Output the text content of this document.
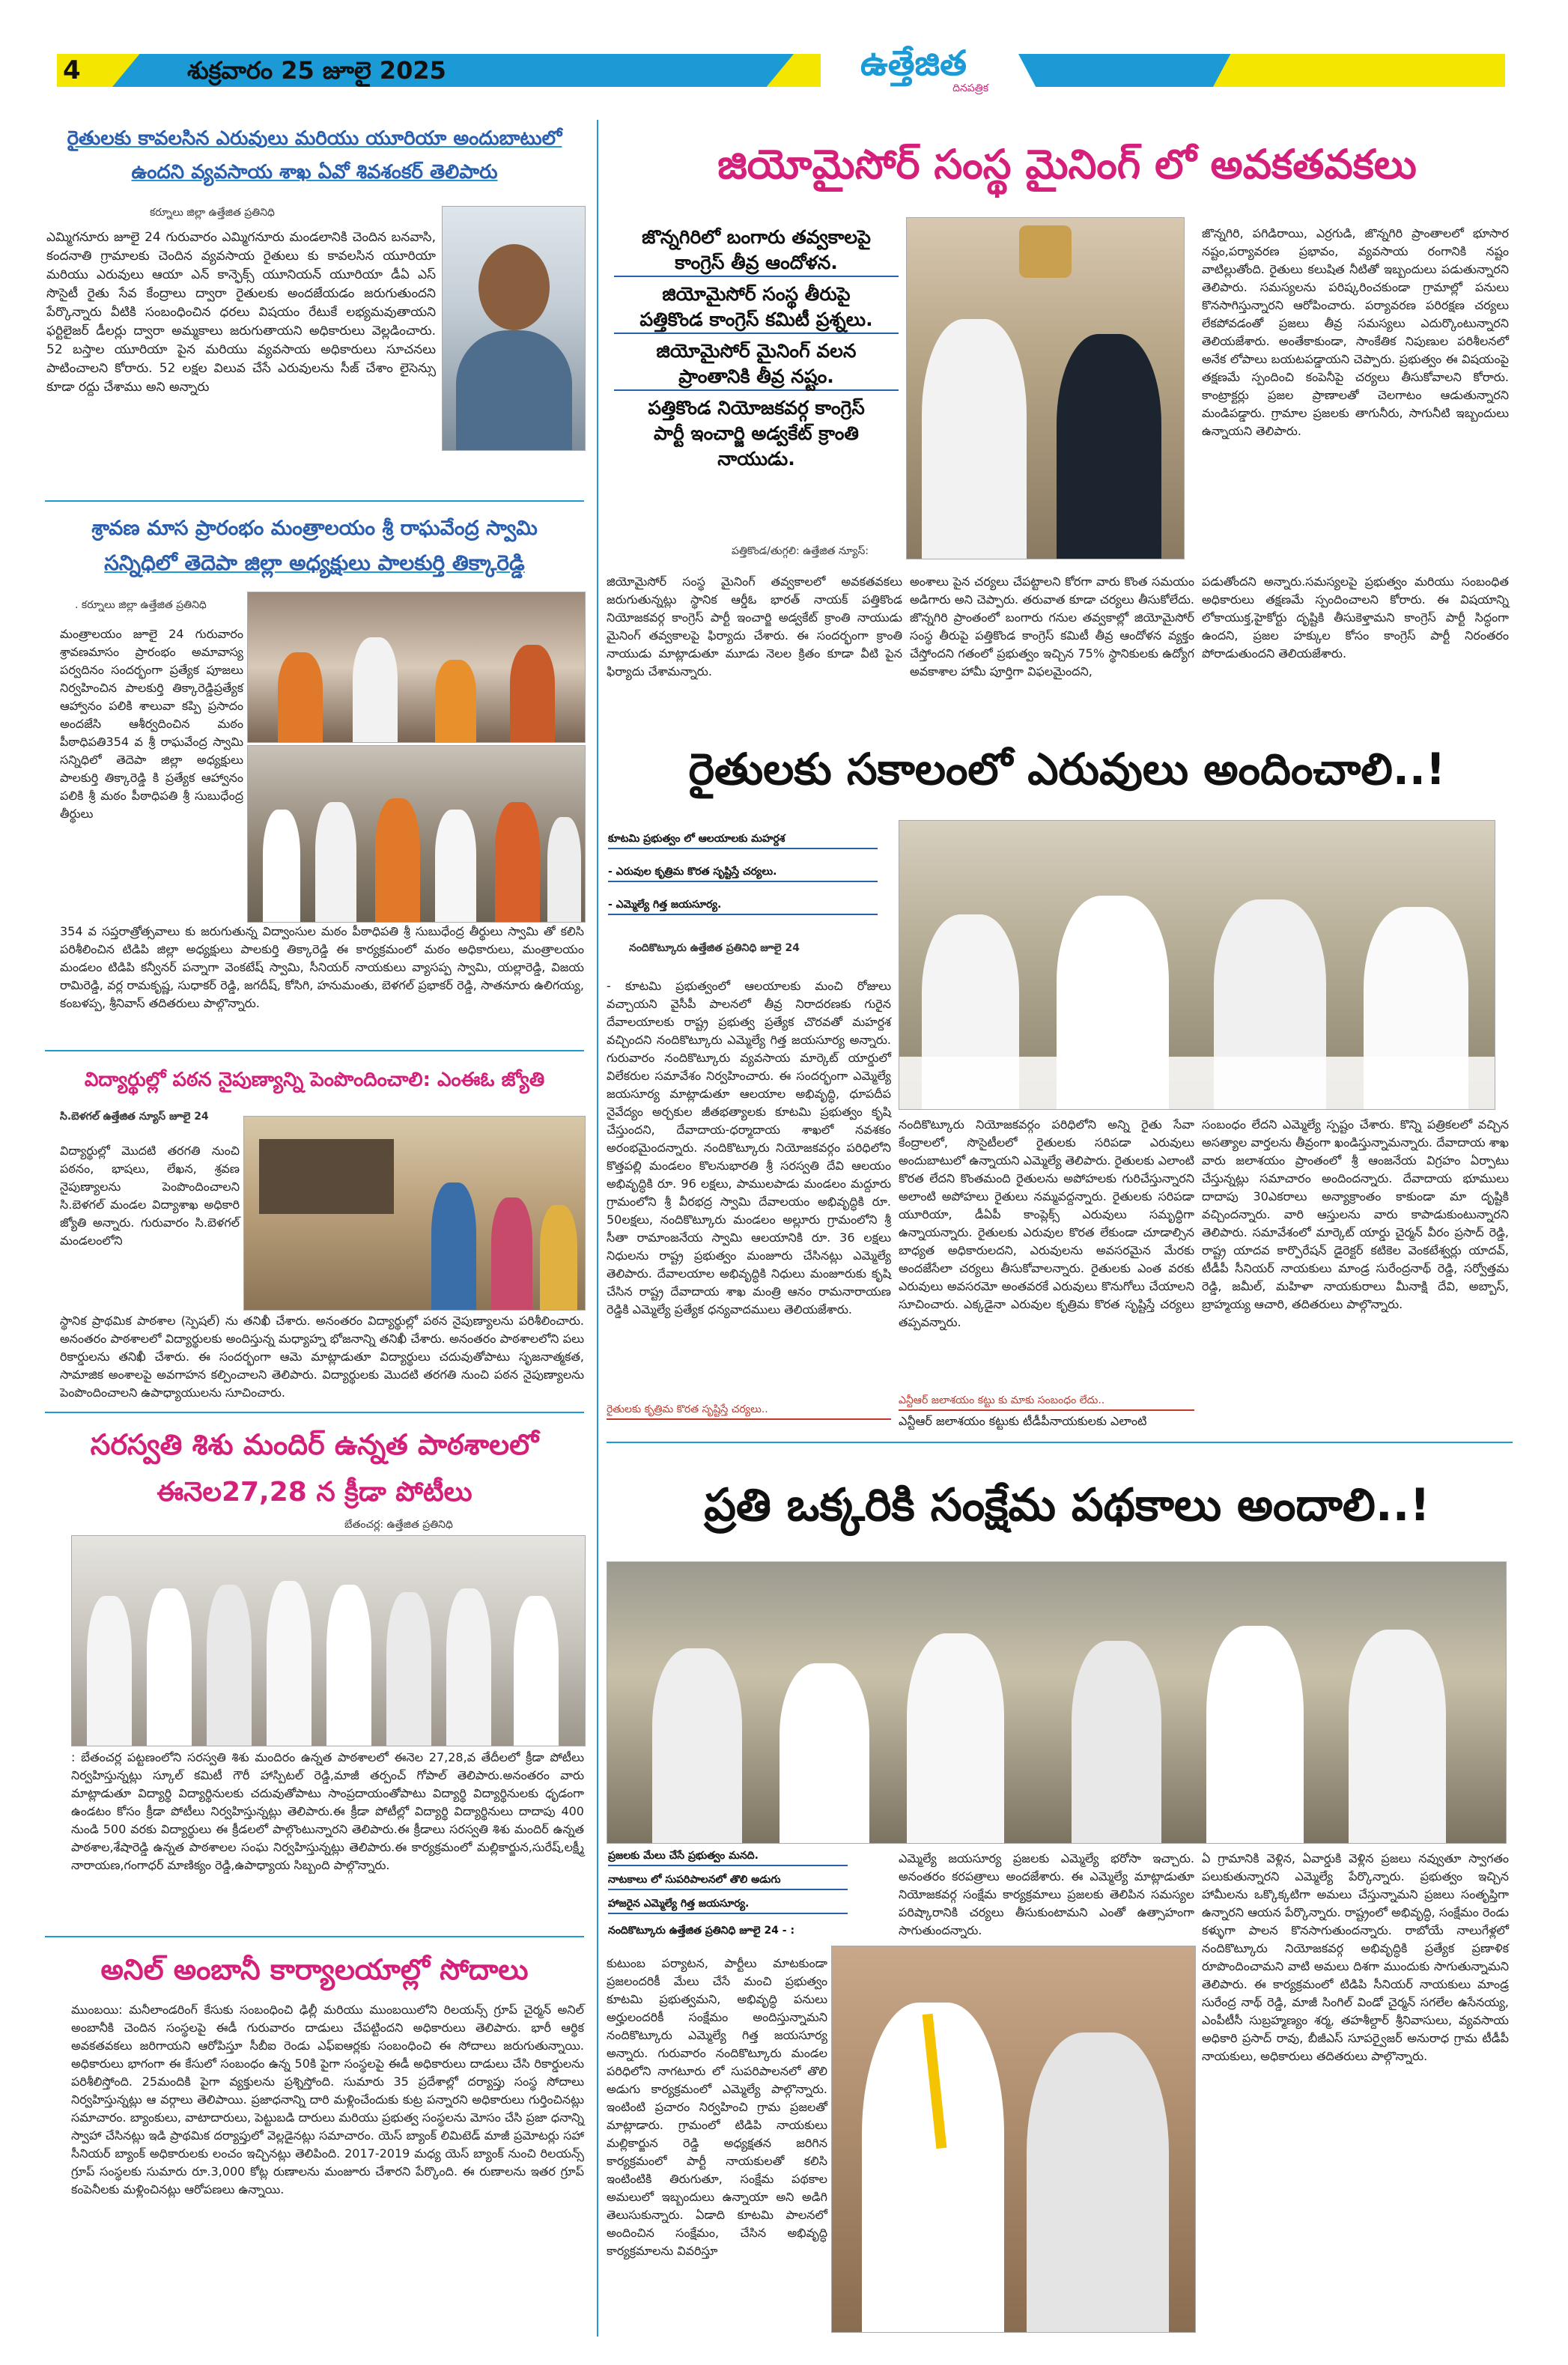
4	శుక్రవారం 25 జూలై 2025	ఉత్తేజిత
దినపత్రిక
రైతులకు కావలసిన ఎరువులు మరియు యూరియా అందుబాటులో
ఉందని వ్యవసాయ శాఖ ఏవో శివశంకర్ తెలిపారు
కర్నూలు జిల్లా ఉత్తేజిత ప్రతినిధి
ఎమ్మిగనూరు జూలై 24 గురువారం ఎమ్మిగనూరు మండలానికి చెందిన బనవాసి, కందనాతి గ్రామాలకు చెందిన వ్యవసాయ రైతులు కు కావలసిన యూరియా మరియు ఎరువులు ఆయా ఎన్ కాన్ఫెక్స్ యూనియన్ యూరియా డీఏ ఎస్ సొసైటీ రైతు సేవ కేంద్రాలు ద్వారా రైతులకు అందజేయడం జరుగుతుందని పేర్కొన్నారు వీటికి సంబంధించిన ధరలు విషయం రేటుకే లభ్యమవుతాయని ఫర్టిలైజర్ డీలర్లు ద్వారా అమ్మకాలు జరుగుతాయని అధికారులు వెల్లడించారు. 52 బస్తాల యూరియా పైన మరియు వ్యవసాయ అధికారులు సూచనలు పాటించాలని కోరారు. 52 లక్షల విలువ చేసే ఎరువులను సీజ్ చేశాం లైసెన్సు కూడా రద్దు చేశాము అని అన్నారు
శ్రావణ మాస ప్రారంభం మంత్రాలయం శ్రీ రాఘవేంద్ర స్వామి
సన్నిధిలో తెదెపా జిల్లా అధ్యక్షులు పాలకుర్తి తిక్కారెడ్డి
. కర్నూలు జిల్లా ఉత్తేజిత ప్రతినిధి
మంత్రాలయం జూలై 24 గురువారం శ్రావణమాసం ప్రారంభం అమావాస్య పర్వదినం సందర్భంగా ప్రత్యేక పూజలు నిర్వహించిన పాలకుర్తి తిక్కారెడ్డిప్రత్యేక ఆహ్వానం పలికి శాలువా కప్పి ప్రసాదం అందజేసి ఆశీర్వదించిన మఠం పీఠాధిపతి354 వ శ్రీ రాఘవేంద్ర స్వామి సన్నిధిలో తెదెపా జిల్లా అధ్యక్షులు పాలకుర్తి తిక్కారెడ్డి కి ప్రత్యేక ఆహ్వానం పలికి శ్రీ మఠం పీఠాధిపతి శ్రీ సుబుధేంద్ర తీర్థులు
354 వ సప్తరాత్రోత్సవాలు కు జరుగుతున్న విద్వాంసుల మఠం పీఠాధిపతి శ్రీ సుబుధేంద్ర తీర్థులు స్వామి తో కలిసి పరిశీలించిన టిడిపి జిల్లా అధ్యక్షులు పాలకుర్తి తిక్కారెడ్డి ఈ కార్యక్రమంలో మఠం అధికారులు, మంత్రాలయం మండలం టిడిపి కన్వీనర్ పన్నాగా వెంకటేష్ స్వామి, సీనియర్ నాయకులు వ్యాసప్ప స్వామి, యల్లారెడ్డి, విజయ రామిరెడ్డి, వర్ల రామకృష్ణ, సుధాకర్ రెడ్డి, జగదీష్, కోసిగి, హనుమంతు, బెళగల్ ప్రభాకర్ రెడ్డి, సాతనూరు ఉలిగయ్య, కంబళప్ప, శ్రీనివాస్ తదితరులు పాల్గొన్నారు.
విద్యార్థుల్లో పఠన నైపుణ్యాన్ని పెంపొందించాలి: ఎంఈఓ జ్యోతి
సి.బెళగల్ ఉత్తేజిత న్యూస్ జూలై 24
విద్యార్థుల్లో మొదటి తరగతి నుంచి పఠనం, భాషలు, లేఖన, శ్రవణ నైపుణ్యాలను పెంపొందించాలని సి.బెళగల్ మండల విద్యాశాఖ అధికారి జ్యోతి అన్నారు. గురువారం సి.బెళగల్ మండలంలోని
స్థానిక ప్రాథమిక పాఠశాల (స్పెషల్) ను తనిఖీ చేశారు. అనంతరం విద్యార్థుల్లో పఠన నైపుణ్యాలను పరిశీలించారు. అనంతరం పాఠశాలలో విద్యార్థులకు అందిస్తున్న మధ్యాహ్న భోజనాన్ని తనిఖీ చేశారు. అనంతరం పాఠశాలలోని పలు రికార్డులను తనిఖీ చేశారు. ఈ సందర్భంగా ఆమె మాట్లాడుతూ విద్యార్థులు చదువుతోపాటు సృజనాత్మకత, సామాజిక అంశాలపై అవగాహన కల్పించాలని తెలిపారు. విద్యార్థులకు మొదటి తరగతి నుంచి పఠన నైపుణ్యాలను పెంపొందించాలని ఉపాధ్యాయులను సూచించారు.
సరస్వతి శిశు మందిర్ ఉన్నత పాఠశాలలో
ఈనెల27,28 న క్రీడా పోటీలు
బేతంచర్ల: ఉత్తేజిత ప్రతినిధి
: బేతంచర్ల పట్టణంలోని సరస్వతి శిశు మందిరం ఉన్నత పాఠశాలలో ఈనెల 27,28,వ తేదీలలో క్రీడా పోటీలు నిర్వహిస్తున్నట్లు స్కూల్ కమిటీ గౌరీ హాస్పిటల్ రెడ్డి,మాజీ తర్పంచ్ గోపాల్ తెలిపారు.అనంతరం వారు మాట్లాడుతూ విద్యార్థి విద్యార్థినులకు చదువుతోపాటు సాంప్రదాయంతోపాటు విద్యార్థి విద్యార్థినులకు ధృడంగా ఉండటం కోసం క్రీడా పోటీలు నిర్వహిస్తున్నట్లు తెలిపారు.ఈ క్రీడా పోటీల్లో విద్యార్థి విద్యార్థినులు దాదాపు 400 నుండి 500 వరకు విద్యార్థులు ఈ క్రీడలలో పాల్గొంటున్నారని తెలిపారు.ఈ క్రీడాలు సరస్వతి శిశు మందిర్ ఉన్నత పాఠశాల,శేషారెడ్డి ఉన్నత పాఠశాలల సంఘ నిర్వహిస్తున్నట్లు తెలిపారు.ఈ కార్యక్రమంలో మల్లికార్జున,సురేష్,లక్ష్మీ నారాయణ,గంగాధర్ మాణిక్యం రెడ్డి,ఉపాధ్యాయ సిబ్బంది పాల్గొన్నారు.
అనిల్ అంబానీ కార్యాలయాల్లో సోదాలు
ముంబయి: మనీలాండరింగ్ కేసుకు సంబంధించి ఢిల్లీ మరియు ముంబయిలోని రిలయన్స్ గ్రూప్ చైర్మన్ అనిల్ అంబానీకి చెందిన సంస్థలపై ఈడీ గురువారం దాడులు చేపట్టిందని అధికారులు తెలిపారు. భారీ ఆర్థిక అవకతవకలు జరిగాయని ఆరోపిస్తూ సీబీఐ రెండు ఎఫ్ఐఆర్లకు సంబంధించి ఈ సోదాలు జరుగుతున్నాయి. అధికారులు భాగంగా ఈ కేసులో సంబంధం ఉన్న 50కి పైగా సంస్థలపై ఈడీ అధికారులు దాడులు చేసి రికార్డులను పరిశీలిస్తోంది. 25మందికి పైగా వ్యక్తులను ప్రశ్నిస్తోంది. సుమారు 35 ప్రదేశాల్లో దర్యాప్తు సంస్థ సోదాలు నిర్వహిస్తున్నట్లు ఆ వర్గాలు తెలిపాయి. ప్రజాధనాన్ని దారి మళ్లించేందుకు కుట్ర పన్నారని అధికారులు గుర్తించినట్లు సమాచారం. బ్యాంకులు, వాటాదారులు, పెట్టుబడి దారులు మరియు ప్రభుత్వ సంస్థలను మోసం చేసి ప్రజా ధనాన్ని స్వాహా చేసినట్లు ఇడి ప్రాథమిక దర్యాప్తులో వెల్లడైనట్లు సమాచారం. యెస్ బ్యాంక్ లిమిటెడ్ మాజీ ప్రమోటర్లు సహా సీనియర్ బ్యాంక్ అధికారులకు లంచం ఇచ్చినట్లు తెలిపింది. 2017-2019 మధ్య యెస్ బ్యాంక్ నుంచి రిలయన్స్ గ్రూప్ సంస్థలకు సుమారు రూ.3,000 కోట్ల రుణాలను మంజూరు చేశారని పేర్కొంది. ఈ రుణాలను ఇతర గ్రూప్ కంపెనీలకు మళ్లించినట్లు ఆరోపణలు ఉన్నాయి.
జియోమైసోర్ సంస్థ మైనింగ్ లో అవకతవకలు
జొన్నగిరిలో బంగారు తవ్వకాలపై
కాంగ్రెస్ తీవ్ర ఆందోళన.
జియోమైసోర్ సంస్థ తీరుపై
పత్తికొండ కాంగ్రెస్ కమిటీ ప్రశ్నలు.
జియోమైసోర్ మైనింగ్ వలన
ప్రాంతానికి తీవ్ర నష్టం.
పత్తికొండ నియోజకవర్గ కాంగ్రెస్
పార్టీ ఇంచార్జి అడ్వకేట్ క్రాంతి
నాయుడు.
పత్తికొండ/తుగ్గలి: ఉత్తేజిత న్యూస్:
జొన్నగిరి, పగిడిరాయి, ఎర్రగుడి, జొన్నగిరి ప్రాంతాలలో భూసార నష్టం,పర్యావరణ ప్రభావం, వ్యవసాయ రంగానికి నష్టం వాటిల్లుతోంది. రైతులు కలుషిత నీటితో ఇబ్బందులు పడుతున్నారని తెలిపారు. సమస్యలను పరిష్కరించకుండా గ్రామాల్లో పనులు కొనసాగిస్తున్నారని ఆరోపించారు. పర్యావరణ పరిరక్షణ చర్యలు లేకపోవడంతో ప్రజలు తీవ్ర సమస్యలు ఎదుర్కొంటున్నారని తెలియజేశారు. అంతేకాకుండా, సాంకేతిక నిపుణుల పరిశీలనలో అనేక లోపాలు బయటపడ్డాయని చెప్పారు. ప్రభుత్వం ఈ విషయంపై తక్షణమే స్పందించి కంపెనీపై చర్యలు తీసుకోవాలని కోరారు. కాంట్రాక్టర్లు ప్రజల ప్రాణాలతో చెలగాటం ఆడుతున్నారని మండిపడ్డారు. గ్రామాల ప్రజలకు తాగునీరు, సాగునీటి ఇబ్బందులు ఉన్నాయని తెలిపారు.
జియోమైసోర్ సంస్థ మైనింగ్ తవ్వకాలలో అవకతవకలు జరుగుతున్నట్లు స్థానిక ఆర్డీఓ భారత్ నాయక్ పత్తికొండ నియోజకవర్గ కాంగ్రెస్ పార్టీ ఇంచార్జి అడ్వకేట్ క్రాంతి నాయుడు మైనింగ్ తవ్వకాలపై ఫిర్యాదు చేశారు. ఈ సందర్భంగా క్రాంతి నాయుడు మాట్లాడుతూ మూడు నెలల క్రితం కూడా వీటి పైన ఫిర్యాదు చేశామన్నారు.
అంశాలు పైన చర్యలు చేపట్టాలని కోరగా వారు కొంత సమయం అడిగారు అని చెప్పారు. తరువాత కూడా చర్యలు తీసుకోలేదు. జొన్నగిరి ప్రాంతంలో బంగారు గనుల తవ్వకాల్లో జియోమైసోర్ సంస్థ తీరుపై పత్తికొండ కాంగ్రెస్ కమిటీ తీవ్ర ఆందోళన వ్యక్తం చేస్తోందని గతంలో ప్రభుత్వం ఇచ్చిన 75% స్థానికులకు ఉద్యోగ అవకాశాల హామీ పూర్తిగా విఫలమైందని,
పడుతోందని అన్నారు.సమస్యలపై ప్రభుత్వం మరియు సంబంధిత అధికారులు తక్షణమే స్పందించాలని కోరారు. ఈ విషయాన్ని లోకాయుక్త,హైకోర్టు దృష్టికి తీసుకెళ్తామని కాంగ్రెస్ పార్టీ సిద్ధంగా ఉందని, ప్రజల హక్కుల కోసం కాంగ్రెస్ పార్టీ నిరంతరం పోరాడుతుందని తెలియజేశారు.
రైతులకు సకాలంలో ఎరువులు అందించాలి..!
కూటమి ప్రభుత్వం లో ఆలయాలకు మహర్దశ
- ఎరువుల కృత్రిమ కొరత సృష్టిస్తే చర్యలు.
- ఎమ్మెల్యే గిత్త జయసూర్య.
నందికొట్కూరు ఉత్తేజిత ప్రతినిధి జూలై 24
- కూటమి ప్రభుత్వంలో ఆలయాలకు మంచి రోజులు వచ్చాయని వైసీపీ పాలనలో తీవ్ర నిరాదరణకు గురైన దేవాలయాలకు రాష్ట్ర ప్రభుత్వ ప్రత్యేక చొరవతో మహర్దశ వచ్చిందని నందికొట్కూరు ఎమ్మెల్యే గిత్త జయసూర్య అన్నారు. గురువారం నందికొట్కూరు వ్యవసాయ మార్కెట్ యార్డులో విలేకరుల సమావేశం నిర్వహించారు. ఈ సందర్భంగా ఎమ్మెల్యే జయసూర్య మాట్లాడుతూ ఆలయాల అభివృద్ధి, ధూపదీప నైవేద్యం అర్చకుల జీతభత్యాలకు కూటమి ప్రభుత్వం కృషి చేస్తుందని, దేవాదాయ-ధర్మాదాయ శాఖలో నవశకం అరంభమైందన్నారు. నందికొట్కూరు నియోజకవర్గం పరిధిలోని కొత్తపల్లి మండలం కొలనుభారతి శ్రీ సరస్వతి దేవి ఆలయం అభివృద్ధికి రూ. 96 లక్షలు, పాములపాడు మండలం మద్దూరు గ్రామంలోని శ్రీ వీరభద్ర స్వామి దేవాలయం అభివృద్ధికి రూ. 50లక్షలు, నందికొట్కూరు మండలం అల్లూరు గ్రామంలోని శ్రీ సీతా రామాంజనేయ స్వామి ఆలయానికి రూ. 36 లక్షలు నిధులను రాష్ట్ర ప్రభుత్వం మంజూరు చేసినట్లు ఎమ్మెల్యే తెలిపారు. దేవాలయాల అభివృద్ధికి నిధులు మంజూరుకు కృషి చేసిన రాష్ట్ర దేవాదాయ శాఖ మంత్రి ఆనం రామనారాయణ రెడ్డికి ఎమ్మెల్యే ప్రత్యేక ధన్యవాదములు తెలియజేశారు.
నందికొట్కూరు నియోజకవర్గం పరిధిలోని అన్ని రైతు సేవా కేంద్రాలలో, సొసైటీలలో రైతులకు సరిపడా ఎరువులు అందుబాటులో ఉన్నాయని ఎమ్మెల్యే తెలిపారు. రైతులకు ఎలాంటి కొరత లేదని కొంతమంది రైతులను అపోహలకు గురిచేస్తున్నారని అలాంటి అపోహలు రైతులు నమ్మవద్దన్నారు. రైతులకు సరిపడా యూరియా, డీఏపీ కాంప్లెక్స్ ఎరువులు సమృద్ధిగా ఉన్నాయన్నారు. రైతులకు ఎరువుల కొరత లేకుండా చూడాల్సిన బాధ్యత అధికారులదని, ఎరువులను అవసరమైన మేరకు అందజేసేలా చర్యలు తీసుకోవాలన్నారు. రైతులకు ఎంత వరకు ఎరువులు అవసరమో అంతవరకే ఎరువులు కొనుగోలు చేయాలని సూచించారు. ఎక్కడైనా ఎరువుల కృత్రిమ కొరత సృష్టిస్తే చర్యలు తప్పవన్నారు.
రైతులకు కృత్రిమ కొరత సృష్టిస్తే చర్యలు..
ఎన్టీఆర్ జలాశయం కట్టు కు మాకు సంబంధం లేదు..
ఎన్టీఆర్ జలాశయం కట్టుకు టీడీపీనాయకులకు ఎలాంటి
సంబంధం లేదని ఎమ్మెల్యే స్పష్టం చేశారు. కొన్ని పత్రికలలో వచ్చిన అసత్యాల వార్తలను తీవ్రంగా ఖండిస్తున్నామన్నారు. దేవాదాయ శాఖ వారు జలాశయం ప్రాంతంలో శ్రీ ఆంజనేయ విగ్రహం ఏర్పాటు చేస్తున్నట్లు సమాచారం అందిందన్నారు. దేవాదాయ భూములు దాదాపు 30ఎకరాలు అన్యాక్రాంతం కాకుండా మా దృష్టికి వచ్చిందన్నారు. వారి ఆస్తులను వారు కాపాడుకుంటున్నారని తెలిపారు. సమావేశంలో మార్కెట్ యార్డు చైర్మన్ వీరం ప్రసాద్ రెడ్డి, రాష్ట్ర యాదవ కార్పొరేషన్ డైరెక్టర్ కటికెల వెంకటేశ్వర్లు యాదవ్, టీడీపీ సీనియర్ నాయకులు మాండ్ర సురేంద్రనాథ్ రెడ్డి, సర్వోత్తమ రెడ్డి, జమీల్, మహిళా నాయకురాలు మీనాక్షి దేవి, అబ్బాస్, బ్రాహ్మయ్య ఆచారి, తదితరులు పాల్గొన్నారు.
ప్రతి ఒక్కరికి సంక్షేమ పథకాలు అందాలి..!
ప్రజలకు మేలు చేసే ప్రభుత్వం మనది.
నాటకాలు లో సుపరిపాలనలో తొలి అడుగు
హాజరైన ఎమ్మెల్యే గిత్త జయసూర్య.
నందికొట్కూరు ఉత్తేజిత ప్రతినిధి జూలై 24 - :
ఎమ్మెల్యే జయసూర్య ప్రజలకు ఎమ్మెల్యే భరోసా ఇచ్చారు. అనంతరం కరపత్రాలు అందజేశారు. ఈ ఎమ్మెల్యే మాట్లాడుతూ నియోజకవర్గ సంక్షేమ కార్యక్రమాలు ప్రజలకు తెలిపిన సమస్యల పరిష్కారానికి చర్యలు తీసుకుంటామని ఎంతో ఉత్సాహంగా సాగుతుందన్నారు.
ఏ గ్రామానికి వెళ్లిన, ఏవార్డుకి వెళ్లిన ప్రజలు నవ్వుతూ స్వాగతం పలుకుతున్నారని ఎమ్మెల్యే పేర్కొన్నారు. ప్రభుత్వం ఇచ్చిన హామీలను ఒక్కొక్కటిగా అమలు చేస్తున్నామని ప్రజలు సంతృప్తిగా ఉన్నారని ఆయన పేర్కొన్నారు. రాష్ట్రంలో అభివృద్ధి, సంక్షేమం రెండు కళ్ళుగా పాలన కొనసాగుతుందన్నారు. రాబోయే నాలుగేళ్లలో నందికొట్కూరు నియోజకవర్గ అభివృద్ధికి ప్రత్యేక ప్రణాళిక రూపొందించామని వాటి అమలు దిశగా ముందుకు సాగుతున్నామని తెలిపారు. ఈ కార్యక్రమంలో టిడిపి సీనియర్ నాయకులు మాండ్ర సురేంద్ర నాథ్ రెడ్డి, మాజీ సింగిల్ విండో చైర్మన్ సగలేల ఉసేనయ్య, ఎంపీటీసీ సుబ్రహ్మణ్యం శర్మ, తహశీల్దార్ శ్రీనివాసులు, వ్యవసాయ అధికారి ప్రసాద్ రావు, బీజీఎస్ సూపర్వైజర్ అనురాధ గ్రామ టీడీపీ నాయకులు, అధికారులు తదితరులు పాల్గొన్నారు.
కుటుంబ పర్యాటన, పార్టీలు మాటకుండా ప్రజలందరికీ మేలు చేసే మంచి ప్రభుత్వం కూటమి ప్రభుత్వమని, అభివృద్ధి పనులు అర్హులందరికీ సంక్షేమం అందిస్తున్నామని నందికొట్కూరు ఎమ్మెల్యే గిత్త జయసూర్య అన్నారు. గురువారం నందికొట్కూరు మండల పరిధిలోని నాగటూరు లో సుపరిపాలనలో తొలి అడుగు కార్యక్రమంలో ఎమ్మెల్యే పాల్గొన్నారు. ఇంటింటి ప్రచారం నిర్వహించి గ్రామ ప్రజలతో మాట్లాడారు. గ్రామంలో టిడిపి నాయకులు మల్లికార్జున రెడ్డి అధ్యక్షతన జరిగిన కార్యక్రమంలో పార్టీ నాయకులతో కలిసి ఇంటింటికి తిరుగుతూ, సంక్షేమ పథకాల అమలులో ఇబ్బందులు ఉన్నాయా అని అడిగి తెలుసుకున్నారు. ఏడాది కూటమి పాలనలో అందించిన సంక్షేమం, చేసిన అభివృద్ధి కార్యక్రమాలను వివరిస్తూ
